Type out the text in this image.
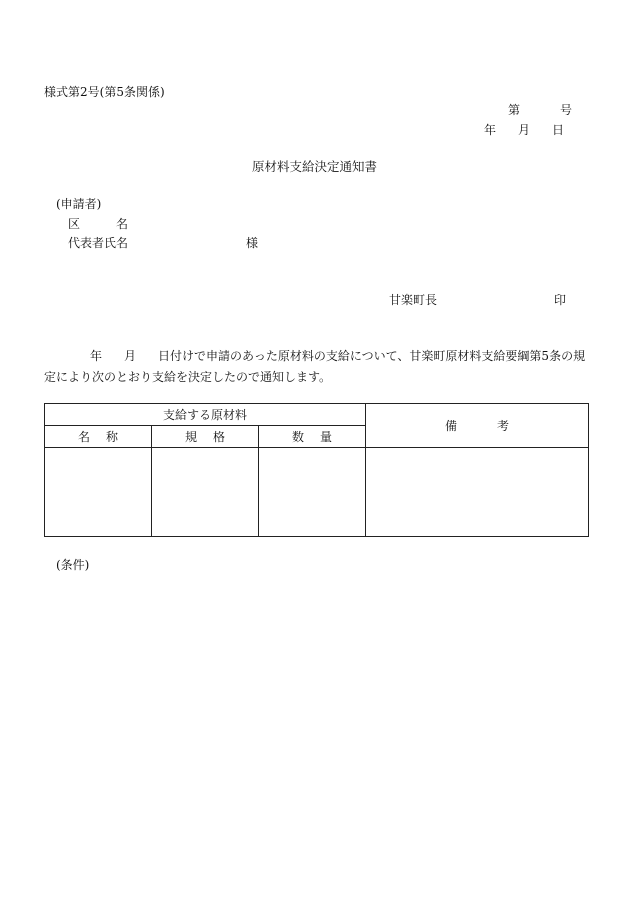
様式第2号(第5条関係)
第	号
年 月 日
原材料支給決定通知書
(申請者)
区	名
代表者氏名	様
甘楽町長	印
年 月 日付けで申請のあった原材料の支給について、甘楽町原材料支給要綱第5条の規定により次のとおり支給を決定したので通知します。
支給する原材料			備 考
名 称	規 格	数 量	

(条件)
